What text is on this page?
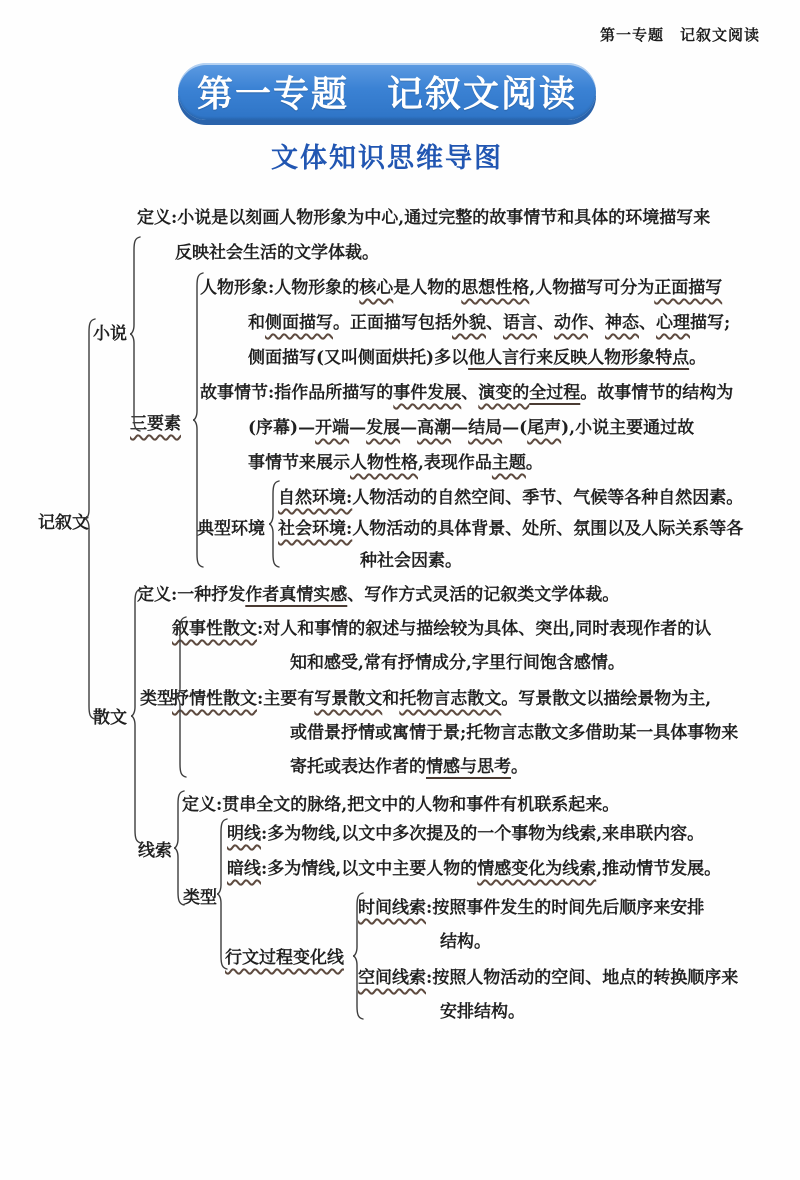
第一专题　记叙文阅读
第一专题　记叙文阅读
文体知识思维导图
记叙文
小说
三要素
典型环境
散文
类型
线索
类型
行文过程变化线
定义:小说是以刻画人物形象为中心,通过完整的故事情节和具体的环境描写来
反映社会生活的文学体裁。
人物形象:人物形象的核心是人物的思想性格,人物描写可分为正面描写
和侧面描写。正面描写包括外貌、语言、动作、神态、心理描写;
侧面描写(又叫侧面烘托)多以他人言行来反映人物形象特点。
故事情节:指作品所描写的事件发展、演变的全过程。故事情节的结构为
(序幕)—开端—发展—高潮—结局—(尾声),小说主要通过故
事情节来展示人物性格,表现作品主题。
自然环境:人物活动的自然空间、季节、气候等各种自然因素。
社会环境:人物活动的具体背景、处所、氛围以及人际关系等各
种社会因素。
定义:一种抒发作者真情实感、写作方式灵活的记叙类文学体裁。
叙事性散文:对人和事情的叙述与描绘较为具体、突出,同时表现作者的认
知和感受,常有抒情成分,字里行间饱含感情。
抒情性散文:主要有写景散文和托物言志散文。写景散文以描绘景物为主,
或借景抒情或寓情于景;托物言志散文多借助某一具体事物来
寄托或表达作者的情感与思考。
定义:贯串全文的脉络,把文中的人物和事件有机联系起来。
明线:多为物线,以文中多次提及的一个事物为线索,来串联内容。
暗线:多为情线,以文中主要人物的情感变化为线索,推动情节发展。
时间线索:按照事件发生的时间先后顺序来安排
结构。
空间线索:按照人物活动的空间、地点的转换顺序来
安排结构。
